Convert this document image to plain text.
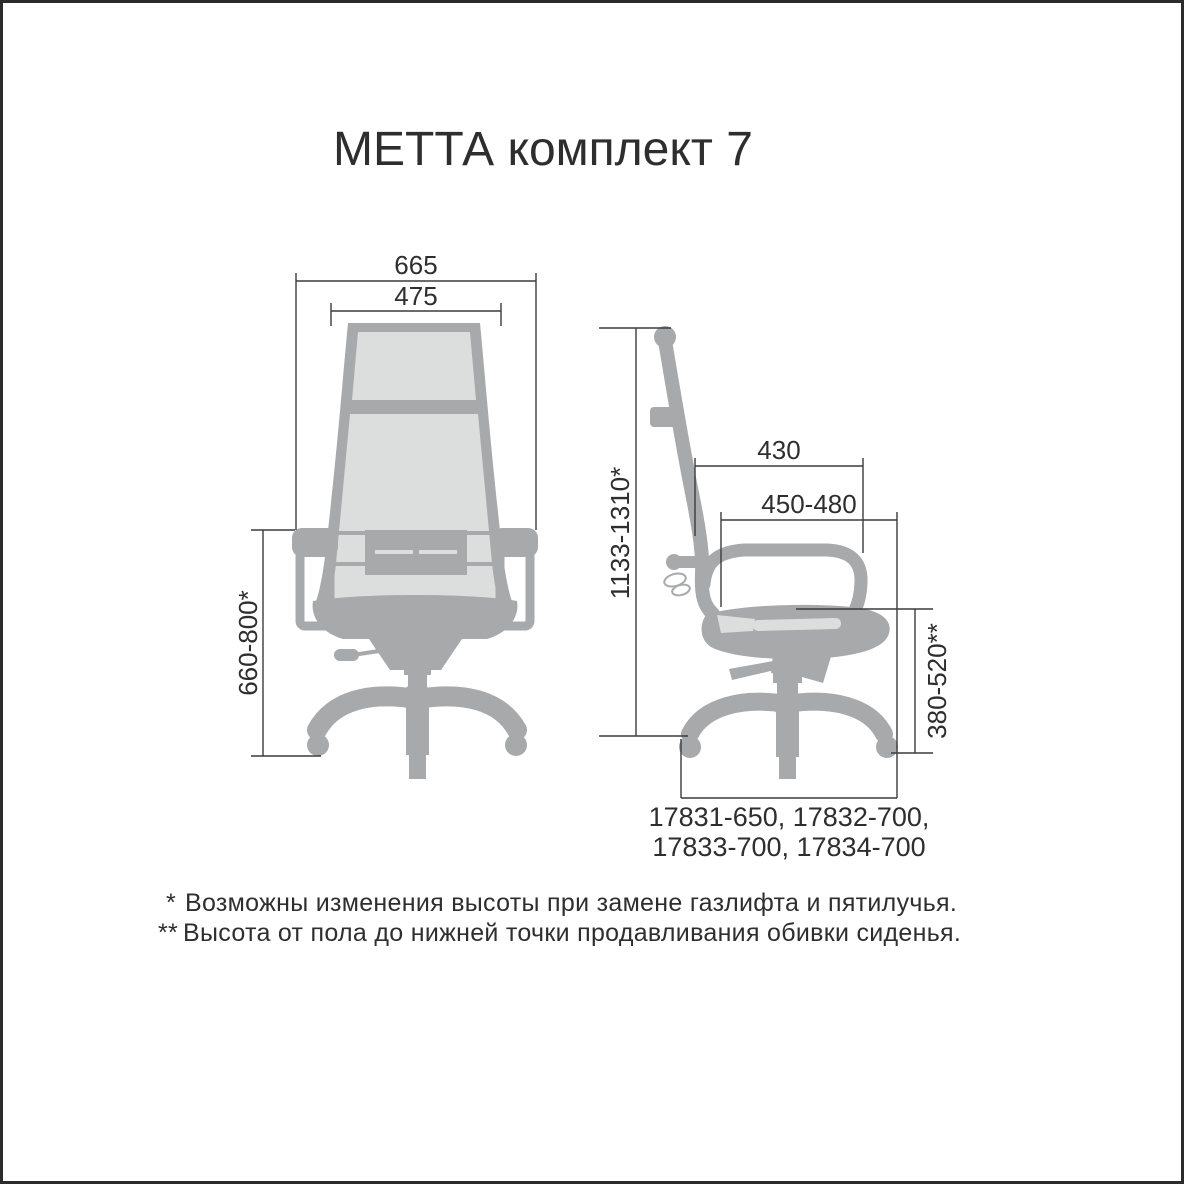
МЕТТА комплект 7
665
475
660-800*
1133-1310*
430
450-480
380-520**
17831-650, 17832-700,
17833-700, 17834-700
* Возможны изменения высоты при замене газлифта и пятилучья.
** Высота от пола до нижней точки продавливания обивки сиденья.
